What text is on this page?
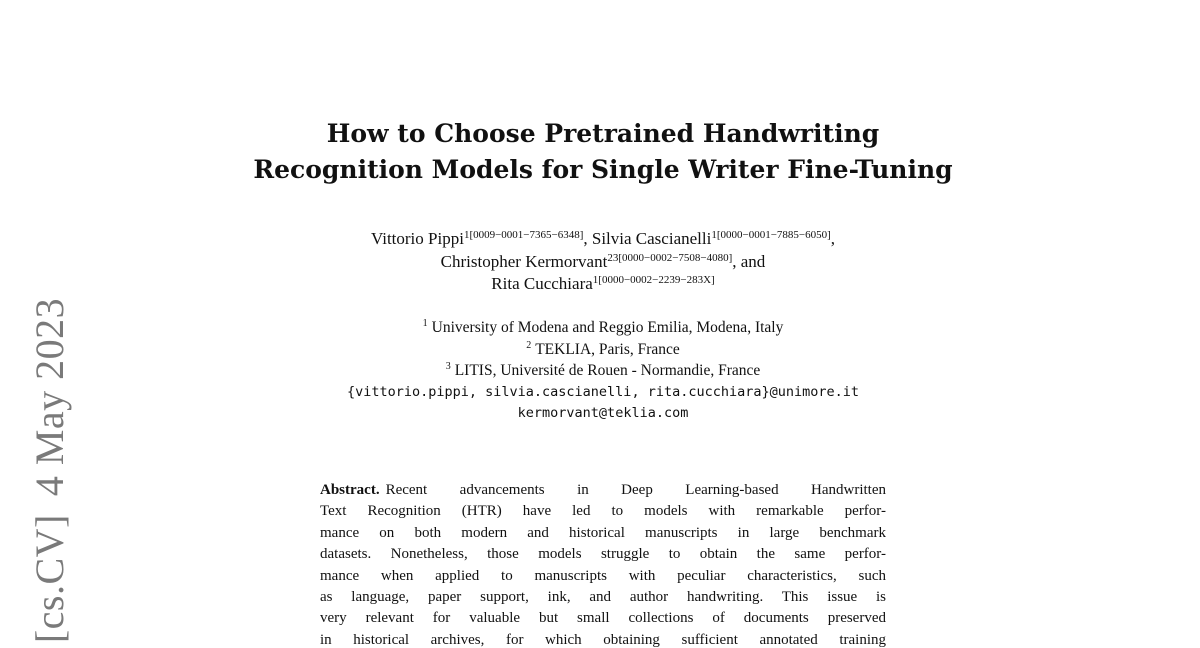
[cs.CV]4 May 2023
How to Choose Pretrained Handwriting
Recognition Models for Single Writer Fine-Tuning
Vittorio Pippi$^{1[0009-0001-7365-6348]}$, Silvia Cascianelli$^{1[0000-0001-7885-6050]}$,
Christopher Kermorvant$^{23[0000-0002-7508-4080]}$, and
Rita Cucchiara$^{1[0000-0002-2239-283X]}$
$^1$ University of Modena and Reggio Emilia, Modena, Italy
$^2$ TEKLIA, Paris, France
$^3$ LITIS, Université de Rouen - Normandie, France
{vittorio.pippi, silvia.cascianelli, rita.cucchiara}@unimore.it
kermorvant@teklia.com
Abstract. Recent advancements in Deep Learning-based Handwritten
Text Recognition (HTR) have led to models with remarkable perfor-
mance on both modern and historical manuscripts in large benchmark
datasets. Nonetheless, those models struggle to obtain the same perfor-
mance when applied to manuscripts with peculiar characteristics, such
as language, paper support, ink, and author handwriting. This issue is
very relevant for valuable but small collections of documents preserved
in historical archives, for which obtaining sufficient annotated training
